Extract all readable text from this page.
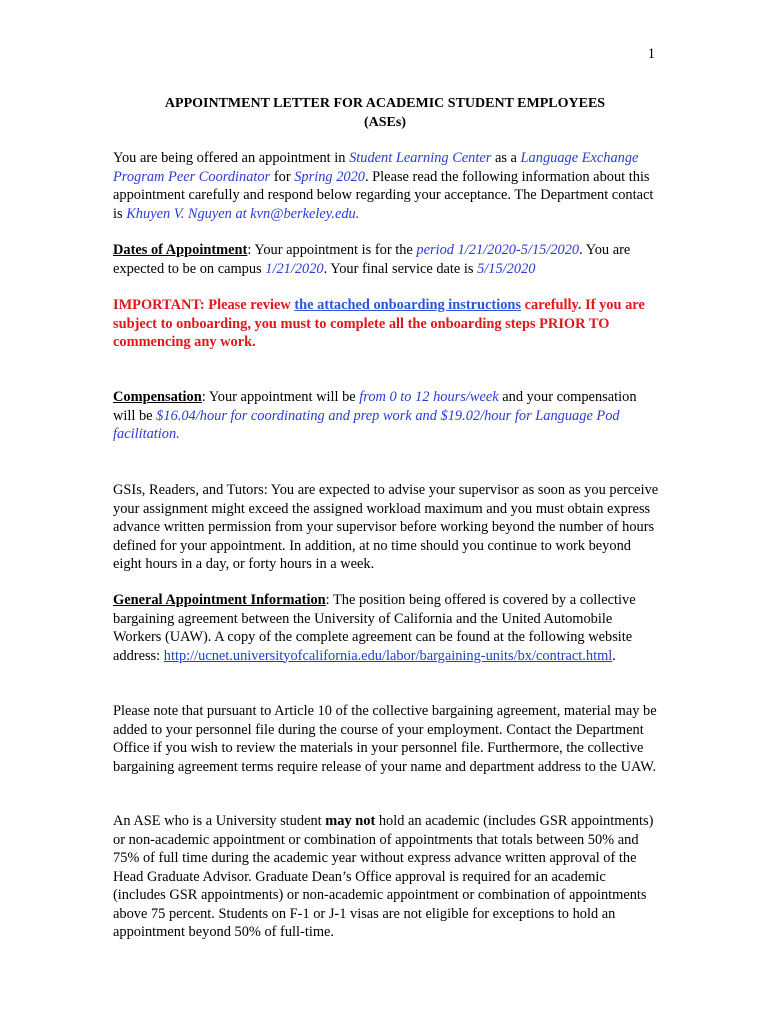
1
APPOINTMENT LETTER FOR ACADEMIC STUDENT EMPLOYEES
(ASEs)
You are being offered an appointment in Student Learning Center as a Language Exchange Program Peer Coordinator for Spring 2020. Please read the following information about this appointment carefully and respond below regarding your acceptance. The Department contact is Khuyen V. Nguyen at kvn@berkeley.edu.
Dates of Appointment: Your appointment is for the period 1/21/2020-5/15/2020. You are expected to be on campus 1/21/2020. Your final service date is 5/15/2020
IMPORTANT: Please review the attached onboarding instructions carefully. If you are subject to onboarding, you must to complete all the onboarding steps PRIOR TO commencing any work.
Compensation: Your appointment will be from 0 to 12 hours/week and your compensation will be $16.04/hour for coordinating and prep work and $19.02/hour for Language Pod facilitation.
GSIs, Readers, and Tutors: You are expected to advise your supervisor as soon as you perceive your assignment might exceed the assigned workload maximum and you must obtain express advance written permission from your supervisor before working beyond the number of hours defined for your appointment. In addition, at no time should you continue to work beyond eight hours in a day, or forty hours in a week.
General Appointment Information: The position being offered is covered by a collective bargaining agreement between the University of California and the United Automobile Workers (UAW). A copy of the complete agreement can be found at the following website address: http://ucnet.universityofcalifornia.edu/labor/bargaining-units/bx/contract.html.
Please note that pursuant to Article 10 of the collective bargaining agreement, material may be added to your personnel file during the course of your employment. Contact the Department Office if you wish to review the materials in your personnel file. Furthermore, the collective bargaining agreement terms require release of your name and department address to the UAW.
An ASE who is a University student may not hold an academic (includes GSR appointments) or non-academic appointment or combination of appointments that totals between 50% and 75% of full time during the academic year without express advance written approval of the Head Graduate Advisor. Graduate Dean’s Office approval is required for an academic (includes GSR appointments) or non-academic appointment or combination of appointments above 75 percent. Students on F-1 or J-1 visas are not eligible for exceptions to hold an appointment beyond 50% of full-time.
